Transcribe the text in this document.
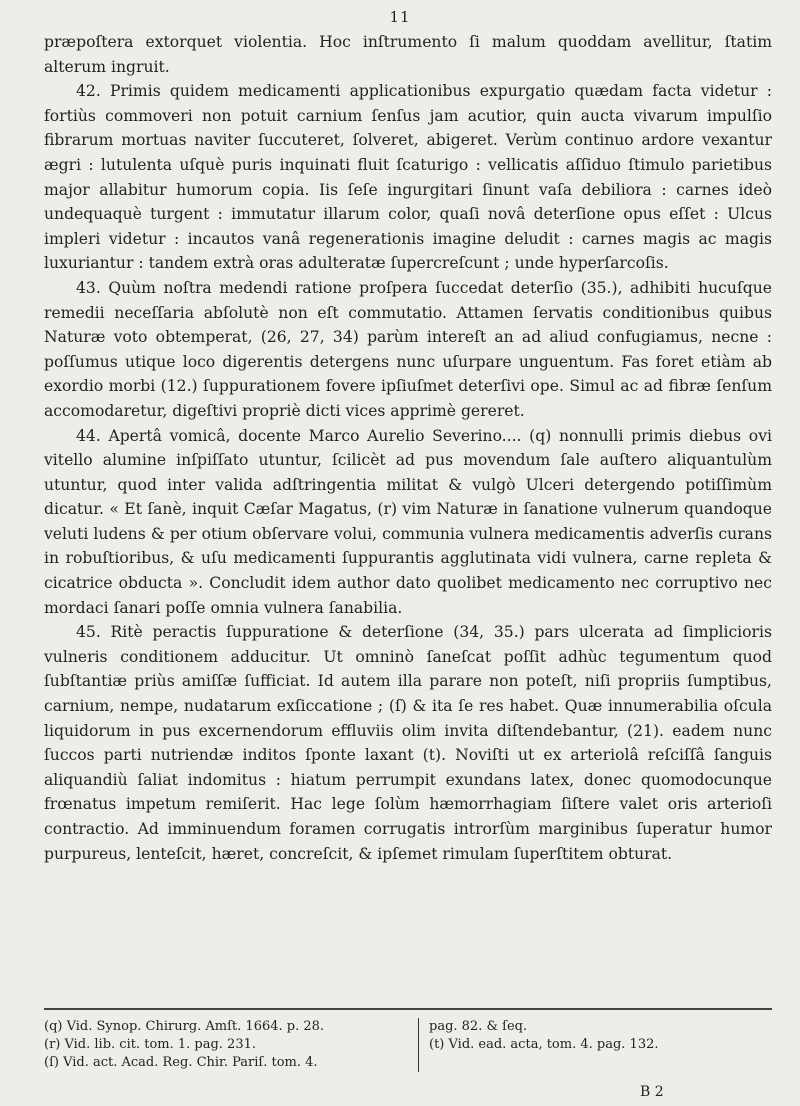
11

præpoſtera extorquet violentia. Hoc inſtrumento ſi malum quoddam avellitur, ſtatim alterum ingruit.

42. Primis quidem medicamenti applicationibus expurgatio quædam facta videtur : fortiùs commoveri non potuit carnium ſenſus jam acutior, quin aucta vivarum impulſio fibrarum mortuas naviter ſuccuteret, ſolveret, abigeret. Verùm continuo ardore vexantur ægri : lutulenta uſquè puris inquinati fluit ſcaturigo : vellicatis aſſiduo ſtimulo parietibus major allabitur humorum copia. Iis ſeſe ingurgitari ſinunt vaſa debiliora : carnes ideò undequaquè turgent : immutatur illarum color, quaſi novâ deterſione opus eſſet : Ulcus impleri videtur : incautos vanâ regenerationis imagine deludit : carnes magis ac magis luxuriantur : tandem extrà oras adulteratæ ſupercreſcunt ; unde hyperſarcoſis.

43. Quùm noſtra medendi ratione proſpera ſuccedat deterſio (35.), adhibiti hucuſque remedii neceſſaria abſolutè non eſt commutatio. Attamen ſervatis conditionibus quibus Naturæ voto obtemperat, (26, 27, 34) parùm intereſt an ad aliud confugiamus, necne : poſſumus utique loco digerentis detergens nunc uſurpare unguentum. Fas foret etiàm ab exordio morbi (12.) ſuppurationem fovere ipſiuſmet deterſivi ope. Simul ac ad fibræ ſenſum accomodaretur, digeſtivi propriè dicti vices apprimè gereret.

44. Apertâ vomicâ, docente Marco Aurelio Severino.... (q) nonnulli primis diebus ovi vitello alumine inſpiſſato utuntur, ſcilicèt ad pus movendum ſale auſtero aliquantulùm utuntur, quod inter valida adſtringentia militat & vulgò Ulceri detergendo potiſſimùm dicatur. « Et ſanè, inquit Cæſar Magatus, (r) vim Naturæ in ſanatione vulnerum quandoque veluti ludens & per otium obſervare volui, communia vulnera medicamentis adverſis curans in robuſtioribus, & uſu medicamenti ſuppurantis agglutinata vidi vulnera, carne repleta & cicatrice obducta ». Concludit idem author dato quolibet medicamento nec corruptivo nec mordaci ſanari poſſe omnia vulnera ſanabilia.

45. Ritè peractis ſuppuratione & deterſione (34, 35.) pars ulcerata ad ſimplicioris vulneris conditionem adducitur. Ut omninò ſaneſcat poſſit adhùc tegumentum quod ſubſtantiæ priùs amiſſæ ſufficiat. Id autem illa parare non poteſt, niſi propriis ſumptibus, carnium, nempe, nudatarum exſiccatione ; (ſ) & ita ſe res habet. Quæ innumerabilia oſcula liquidorum in pus excernendorum effluviis olim invita diſtendebantur, (21). eadem nunc ſuccos parti nutriendæ inditos ſponte laxant (t). Noviſti ut ex arteriolâ reſciſſâ ſanguis aliquandiù ſaliat indomitus : hiatum perrumpit exundans latex, donec quomodocunque frœnatus impetum remiſerit. Hac lege ſolùm hæmorrhagiam ſiſtere valet oris arterioſi contractio. Ad imminuendum foramen corrugatis introrſùm marginibus ſuperatur humor purpureus, lenteſcit, hæret, concreſcit, & ipſemet rimulam ſuperſtitem obturat.

(q) Vid. Synop. Chirurg. Amſt. 1664. p. 28.
(r) Vid. lib. cit. tom. 1. pag. 231.
(ſ) Vid. act. Acad. Reg. Chir. Pariſ. tom. 4.
pag. 82. & ſeq.
(t) Vid. ead. acta, tom. 4. pag. 132.
B 2
